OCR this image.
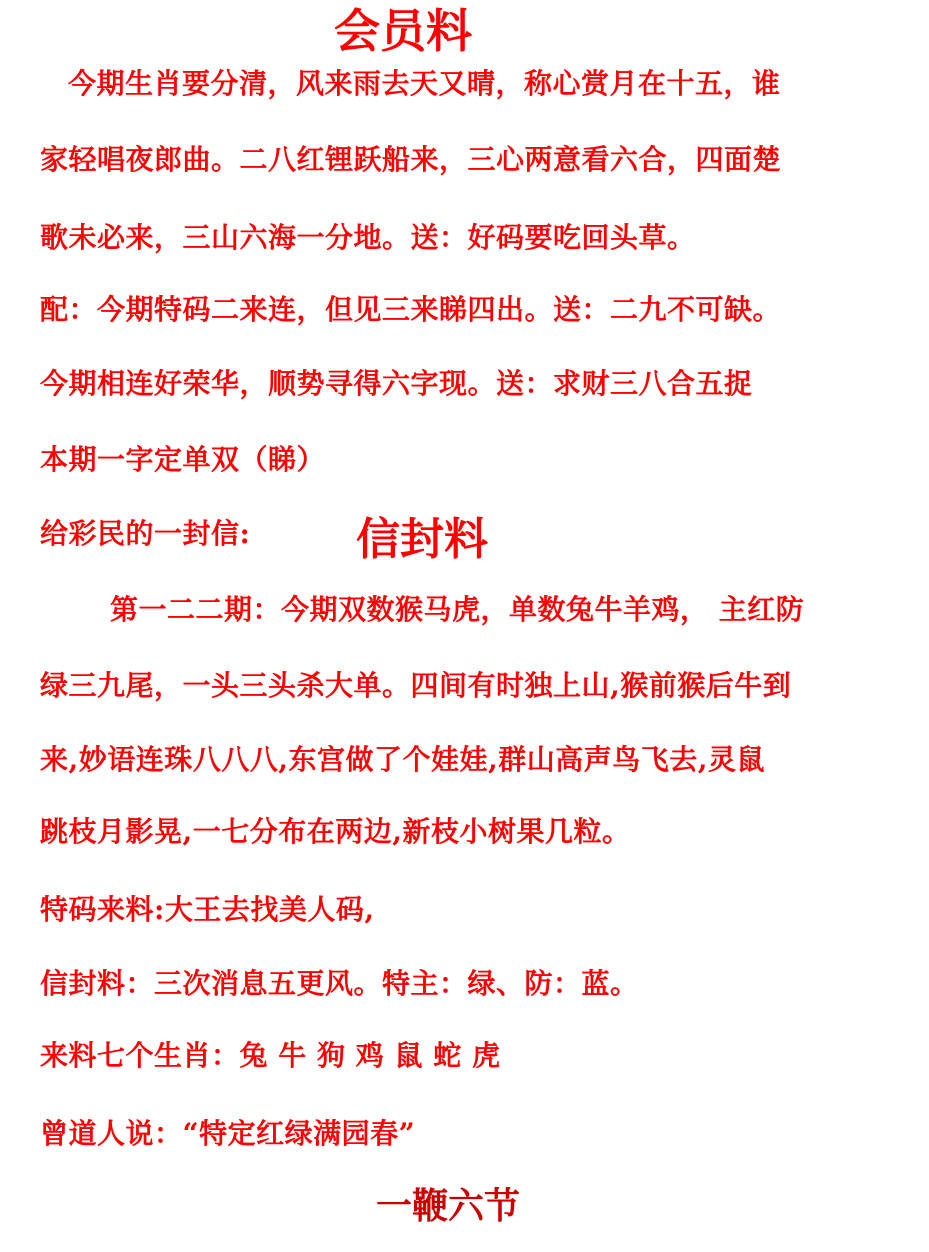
会员料
今期生肖要分清，风来雨去天又晴，称心赏月在十五，谁
家轻唱夜郎曲。二八红锂跃船来，三心两意看六合，四面楚
歌未必来，三山六海一分地。送：好码要吃回头草。
配：今期特码二来连，但见三来睇四出。送：二九不可缺。
今期相连好荣华，顺势寻得六字现。送：求财三八合五捉
本期一字定单双（睇）
给彩民的一封信: 信封料
第一二二期：今期双数猴马虎，单数兔牛羊鸡， 主红防
绿三九尾，一头三头杀大单。四间有时独上山,猴前猴后牛到
来,妙语连珠八八八,东宫做了个娃娃,群山高声鸟飞去,灵鼠
跳枝月影晃,一七分布在两边,新枝小树果几粒。
特码来料:大王去找美人码,
信封料：三次消息五更风。特主：绿、防：蓝。
来料七个生肖：兔 牛 狗 鸡 鼠 蛇 虎
曾道人说：“特定红绿满园春”
一鞭六节
